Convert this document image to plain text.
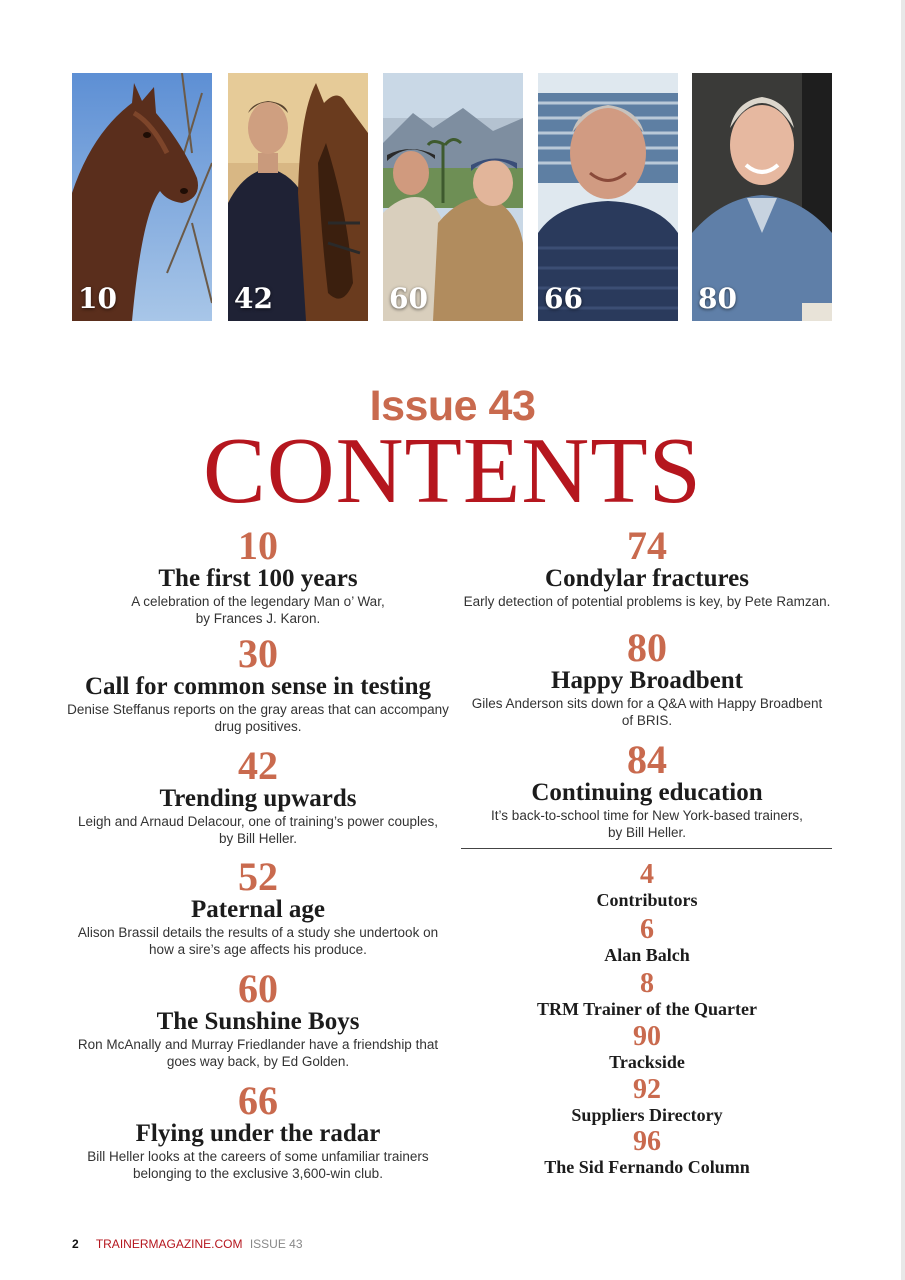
10	42	60	66	80
Issue 43
CONTENTS
10
The first 100 years
A celebration of the legendary Man o’ War,
by Frances J. Karon.
30
Call for common sense in testing
Denise Steffanus reports on the gray areas that can accompany
drug positives.
42
Trending upwards
Leigh and Arnaud Delacour, one of training’s power couples,
by Bill Heller.
52
Paternal age
Alison Brassil details the results of a study she undertook on
how a sire’s age affects his produce.
60
The Sunshine Boys
Ron McAnally and Murray Friedlander have a friendship that
goes way back, by Ed Golden.
66
Flying under the radar
Bill Heller looks at the careers of some unfamiliar trainers
belonging to the exclusive 3,600-win club.
74
Condylar fractures
Early detection of potential problems is key, by Pete Ramzan.
80
Happy Broadbent
Giles Anderson sits down for a Q&A with Happy Broadbent
of BRIS.
84
Continuing education
It’s back-to-school time for New York-based trainers,
by Bill Heller.
4
Contributors
6
Alan Balch
8
TRM Trainer of the Quarter
90
Trackside
92
Suppliers Directory
96
The Sid Fernando Column
2 TRAINERMAGAZINE.COM ISSUE 43
